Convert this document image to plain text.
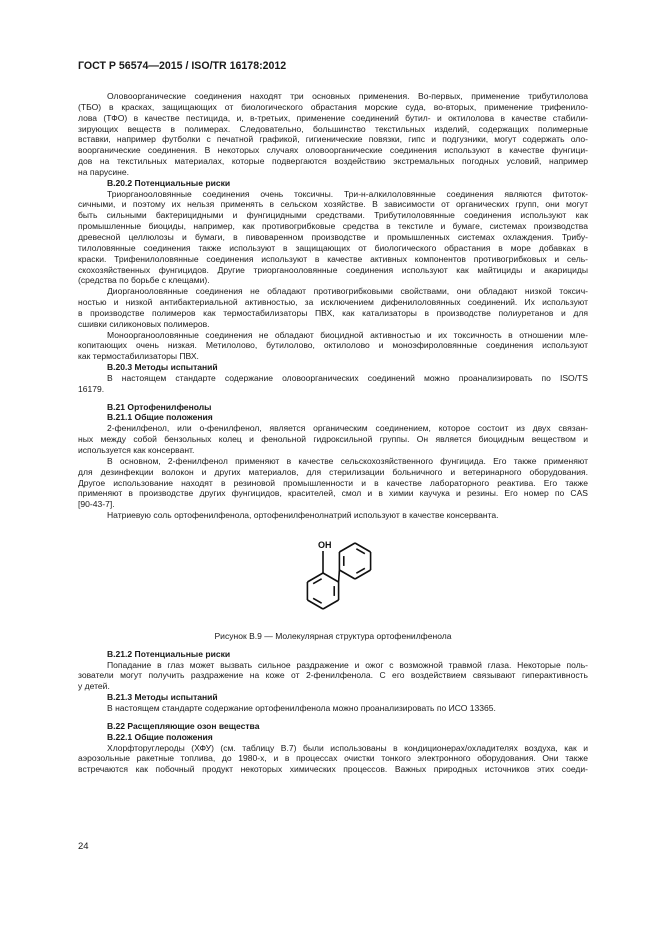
ГОСТ Р 56574—2015 / ISO/TR 16178:2012
Оловоорганические соединения находят три основных применения. Во-первых, применение трибутилолова
(ТБО) в красках, защищающих от биологического обрастания морские суда, во-вторых, применение трифенило-
лова (ТФО) в качестве пестицида, и, в-третьих, применение соединений бутил- и октилолова в качестве стабили-
зирующих веществ в полимерах. Следовательно, большинство текстильных изделий, содержащих полимерные
вставки, например футболки с печатной графикой, гигиенические повязки, гипс и подгузники, могут содержать оло-
воорганические соединения. В некоторых случаях оловоорганические соединения используют в качестве фунгици-
дов на текстильных материалах, которые подвергаются воздействию экстремальных погодных условий, например
на парусине.
В.20.2 Потенциальные риски
Триорганооловянные соединения очень токсичны. Три-н-алкилоловянные соединения являются фитоток-
сичными, и поэтому их нельзя применять в сельском хозяйстве. В зависимости от органических групп, они могут
быть сильными бактерицидными и фунгицидными средствами. Трибутилоловянные соединения используют как
промышленные биоциды, например, как противогрибковые средства в текстиле и бумаге, системах производства
древесной целлюлозы и бумаги, в пивоваренном производстве и промышленных системах охлаждения. Трибу-
тилоловянные соединения также используют в защищающих от биологического обрастания в море добавках в
краски. Трифенилоловянные соединения используют в качестве активных компонентов противогрибковых и сель-
скохозяйственных фунгицидов. Другие триорганооловянные соединения используют как майтициды и акарициды
(средства по борьбе с клещами).
Диорганооловянные соединения не обладают противогрибковыми свойствами, они обладают низкой токсич-
ностью и низкой антибактериальной активностью, за исключением дифенилоловянных соединений. Их используют
в производстве полимеров как термостабилизаторы ПВХ, как катализаторы в производстве полиуретанов и для
сшивки силиконовых полимеров.
Моноорганооловянные соединения не обладают биоцидной активностью и их токсичность в отношении мле-
копитающих очень низкая. Метилолово, бутилолово, октилолово и моноэфироловянные соединения используют
как термостабилизаторы ПВХ.
В.20.3 Методы испытаний
В настоящем стандарте содержание оловоорганических соединений можно проанализировать по ISO/TS
16179.
В.21 Ортофенилфенолы
В.21.1 Общие положения
2-фенилфенол, или о-фенилфенол, является органическим соединением, которое состоит из двух связан-
ных между собой бензольных колец и фенольной гидроксильной группы. Он является биоцидным веществом и
используется как консервант.
В основном, 2-фенилфенол применяют в качестве сельскохозяйственного фунгицида. Его также применяют
для дезинфекции волокон и других материалов, для стерилизации больничного и ветеринарного оборудования.
Другое использование находят в резиновой промышленности и в качестве лабораторного реактива. Его также
применяют в производстве других фунгицидов, красителей, смол и в химии каучука и резины. Его номер по CAS
[90-43-7].
Натриевую соль ортофенилфенола, ортофенилфенолнатрий используют в качестве консерванта.
OH
Рисунок В.9 — Молекулярная структура ортофенилфенола
В.21.2 Потенциальные риски
Попадание в глаз может вызвать сильное раздражение и ожог с возможной травмой глаза. Некоторые поль-
зователи могут получить раздражение на коже от 2-фенилфенола. С его воздействием связывают гиперактивность
у детей.
В.21.3 Методы испытаний
В настоящем стандарте содержание ортофенилфенола можно проанализировать по ИСО 13365.
В.22 Расщепляющие озон вещества
В.22.1 Общие положения
Хлорфторуглероды (ХФУ) (см. таблицу В.7) были использованы в кондиционерах/охладителях воздуха, как и
аэрозольные ракетные топлива, до 1980-х, и в процессах очистки тонкого электронного оборудования. Они также
встречаются как побочный продукт некоторых химических процессов. Важных природных источников этих соеди-
24
